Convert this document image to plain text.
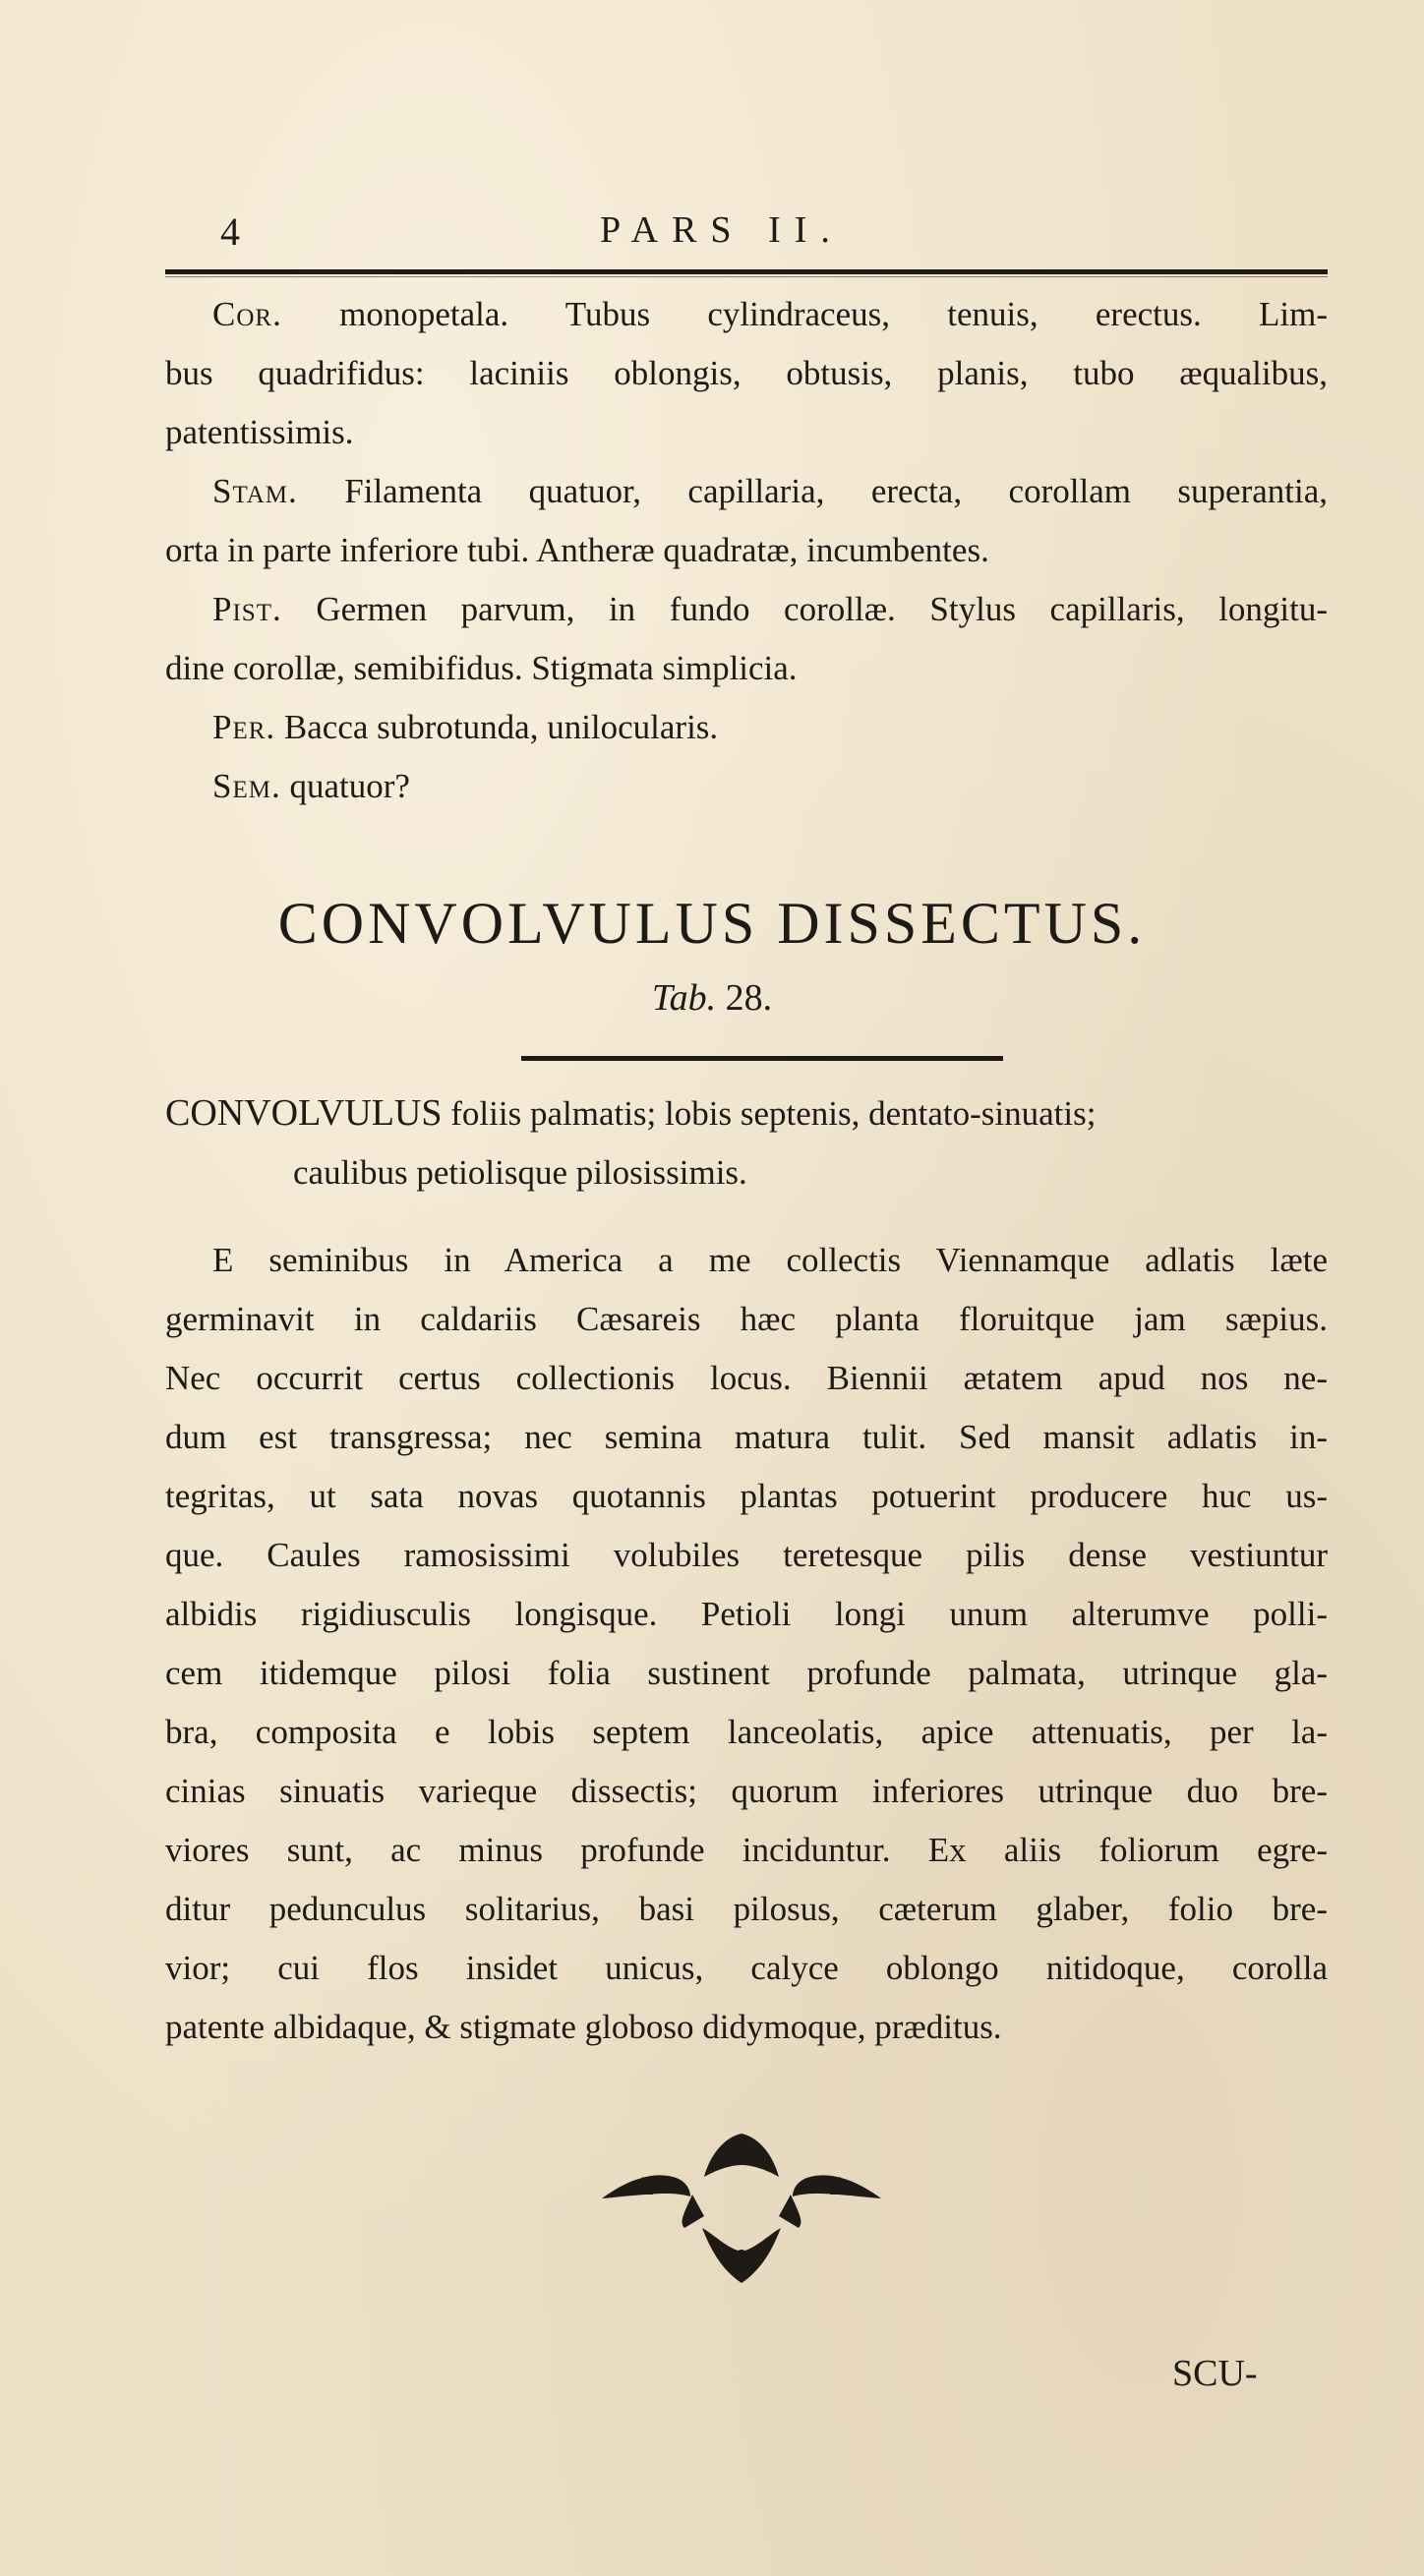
4	PARS II.
Cor. monopetala. Tubus cylindraceus, tenuis, erectus. Lim-
bus quadrifidus: laciniis oblongis, obtusis, planis, tubo æqualibus,
patentissimis.
Stam. Filamenta quatuor, capillaria, erecta, corollam superantia,
orta in parte inferiore tubi. Antheræ quadratæ, incumbentes.
Pist. Germen parvum, in fundo corollæ. Stylus capillaris, longitu-
dine corollæ, semibifidus. Stigmata simplicia.
Per. Bacca subrotunda, unilocularis.
Sem. quatuor?
CONVOLVULUS DISSECTUS.
Tab. 28.
CONVOLVULUS foliis palmatis; lobis septenis, dentato-sinuatis;
caulibus petiolisque pilosissimis.
E seminibus in America a me collectis Viennamque adlatis læte
germinavit in caldariis Cæsareis hæc planta floruitque jam sæpius.
Nec occurrit certus collectionis locus. Biennii ætatem apud nos ne-
dum est transgressa; nec semina matura tulit. Sed mansit adlatis in-
tegritas, ut sata novas quotannis plantas potuerint producere huc us-
que. Caules ramosissimi volubiles teretesque pilis dense vestiuntur
albidis rigidiusculis longisque. Petioli longi unum alterumve polli-
cem itidemque pilosi folia sustinent profunde palmata, utrinque gla-
bra, composita e lobis septem lanceolatis, apice attenuatis, per la-
cinias sinuatis varieque dissectis; quorum inferiores utrinque duo bre-
viores sunt, ac minus profunde inciduntur. Ex aliis foliorum egre-
ditur pedunculus solitarius, basi pilosus, cæterum glaber, folio bre-
vior; cui flos insidet unicus, calyce oblongo nitidoque, corolla
patente albidaque, & stigmate globoso didymoque, præditus.
SCU-
